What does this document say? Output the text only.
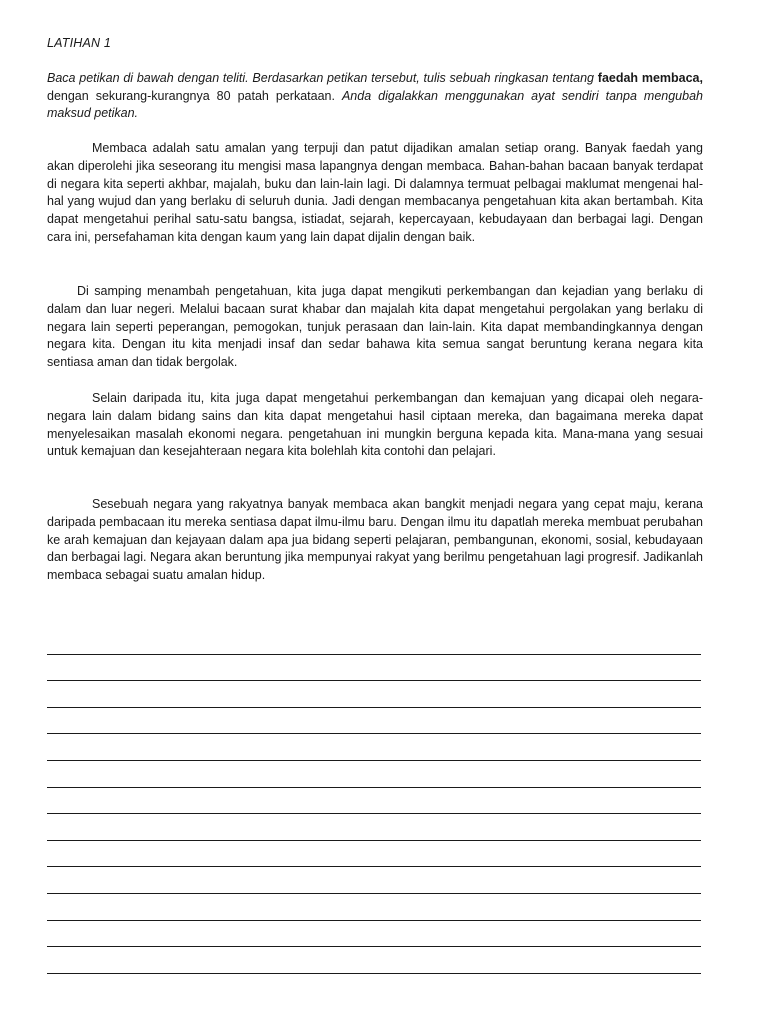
LATIHAN 1
Baca petikan di bawah dengan teliti. Berdasarkan petikan tersebut, tulis sebuah ringkasan tentang faedah membaca, dengan sekurang-kurangnya 80 patah perkataan. Anda digalakkan menggunakan ayat sendiri tanpa mengubah maksud petikan.

Membaca adalah satu amalan yang terpuji dan patut dijadikan amalan setiap orang. Banyak faedah yang akan diperolehi jika seseorang itu mengisi masa lapangnya dengan membaca. Bahan-bahan bacaan banyak terdapat di negara kita seperti akhbar, majalah, buku dan lain-lain lagi. Di dalamnya termuat pelbagai maklumat mengenai hal-hal yang wujud dan yang berlaku di seluruh dunia. Jadi dengan membacanya pengetahuan kita akan bertambah. Kita dapat mengetahui perihal satu-satu bangsa, istiadat, sejarah, kepercayaan, kebudayaan dan berbagai lagi. Dengan cara ini, persefahaman kita dengan kaum yang lain dapat dijalin dengan baik.

Di samping menambah pengetahuan, kita juga dapat mengikuti perkembangan dan kejadian yang berlaku di dalam dan luar negeri. Melalui bacaan surat khabar dan majalah kita dapat mengetahui pergolakan yang berlaku di negara lain seperti peperangan, pemogokan, tunjuk perasaan dan lain-lain. Kita dapat membandingkannya dengan negara kita. Dengan itu kita menjadi insaf dan sedar bahawa kita semua sangat beruntung kerana negara kita sentiasa aman dan tidak bergolak.

Selain daripada itu, kita juga dapat mengetahui perkembangan dan kemajuan yang dicapai oleh negara-negara lain dalam bidang sains dan kita dapat mengetahui hasil ciptaan mereka, dan bagaimana mereka dapat menyelesaikan masalah ekonomi negara. pengetahuan ini mungkin berguna kepada kita. Mana-mana yang sesuai untuk kemajuan dan kesejahteraan negara kita bolehlah kita contohi dan pelajari.

Sesebuah negara yang rakyatnya banyak membaca akan bangkit menjadi negara yang cepat maju, kerana daripada pembacaan itu mereka sentiasa dapat ilmu-ilmu baru. Dengan ilmu itu dapatlah mereka membuat perubahan ke arah kemajuan dan kejayaan dalam apa jua bidang seperti pelajaran, pembangunan, ekonomi, sosial, kebudayaan dan berbagai lagi. Negara akan beruntung jika mempunyai rakyat yang berilmu pengetahuan lagi progresif. Jadikanlah membaca sebagai suatu amalan hidup.
